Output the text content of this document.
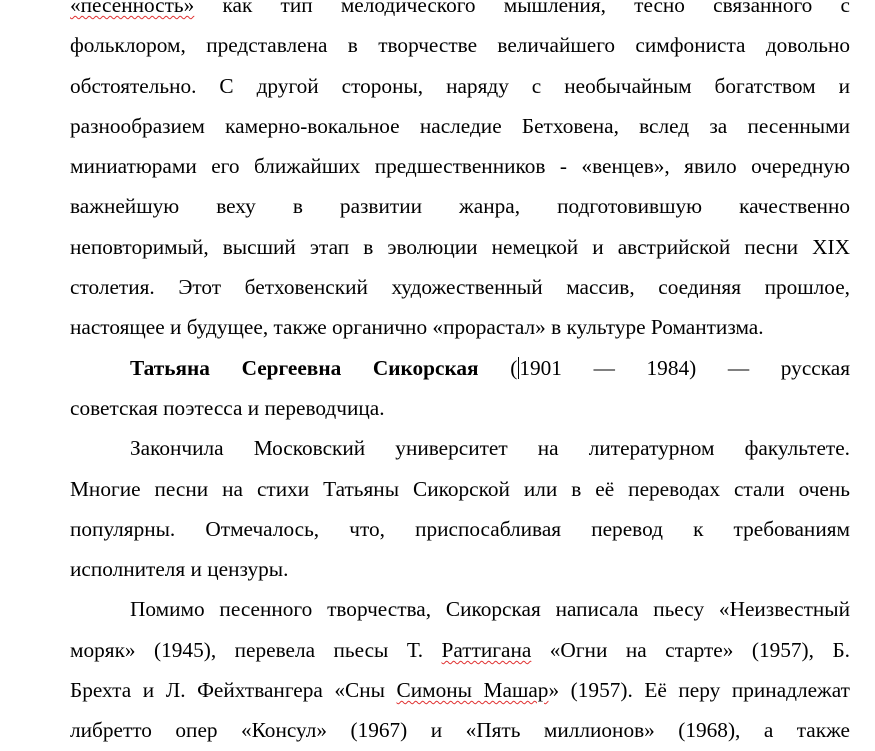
«песенность» как тип мелодического мышления, тесно связанного с
фольклором, представлена в творчестве величайшего симфониста довольно
обстоятельно. С другой стороны, наряду с необычайным богатством и
разнообразием камерно-вокальное наследие Бетховена, вслед за песенными
миниатюрами его ближайших предшественников - «венцев», явило очередную
важнейшую веху в развитии жанра, подготовившую качественно
неповторимый, высший этап в эволюции немецкой и австрийской песни XIX
столетия. Этот бетховенский художественный массив, соединяя прошлое,
настоящее и будущее, также органично «прорастал» в культуре Романтизма.
Татьяна Сергеевна Сикорская (1901 — 1984) — русская
советская поэтесса и переводчица.
Закончила Московский университет на литературном факультете.
Многие песни на стихи Татьяны Сикорской или в её переводах стали очень
популярны. Отмечалось, что, приспосабливая перевод к требованиям
исполнителя и цензуры.
Помимо песенного творчества, Сикорская написала пьесу «Неизвестный
моряк» (1945), перевела пьесы Т. Раттигана «Огни на старте» (1957), Б.
Брехта и Л. Фейхтвангера «Сны Симоны Машар» (1957). Её перу принадлежат
либретто опер «Консул» (1967) и «Пять миллионов» (1968), а также
